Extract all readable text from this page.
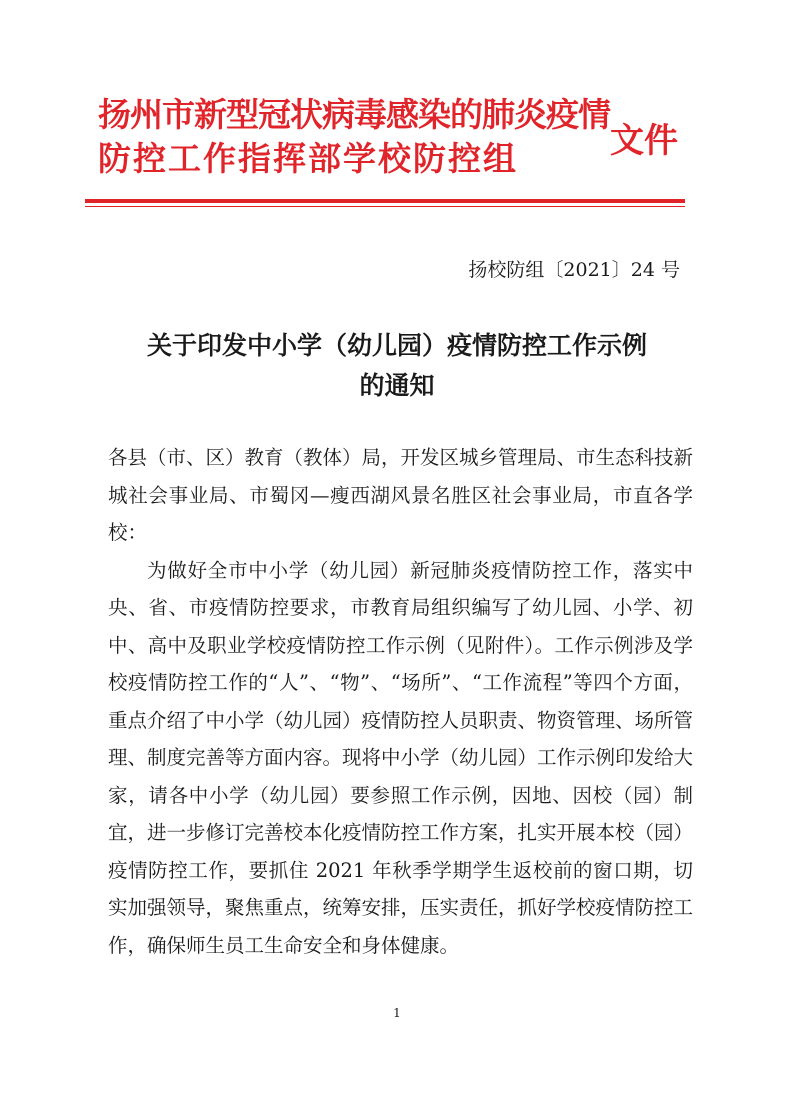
扬州市新型冠状病毒感染的肺炎疫情
防控工作指挥部学校防控组	文件
扬校防组〔2021〕24 号
关于印发中小学（幼儿园）疫情防控工作示例
的通知

各县（市、区）教育（教体）局，开发区城乡管理局、市生态科技新城社会事业局、市蜀冈—瘦西湖风景名胜区社会事业局，市直各学校：

为做好全市中小学（幼儿园）新冠肺炎疫情防控工作，落实中央、省、市疫情防控要求，市教育局组织编写了幼儿园、小学、初中、高中及职业学校疫情防控工作示例（见附件）。工作示例涉及学校疫情防控工作的“人”、“物”、“场所”、“工作流程”等四个方面，重点介绍了中小学（幼儿园）疫情防控人员职责、物资管理、场所管理、制度完善等方面内容。现将中小学（幼儿园）工作示例印发给大家，请各中小学（幼儿园）要参照工作示例，因地、因校（园）制宜，进一步修订完善校本化疫情防控工作方案，扎实开展本校（园）疫情防控工作，要抓住 2021 年秋季学期学生返校前的窗口期，切实加强领导，聚焦重点，统筹安排，压实责任，抓好学校疫情防控工作，确保师生员工生命安全和身体健康。

1
